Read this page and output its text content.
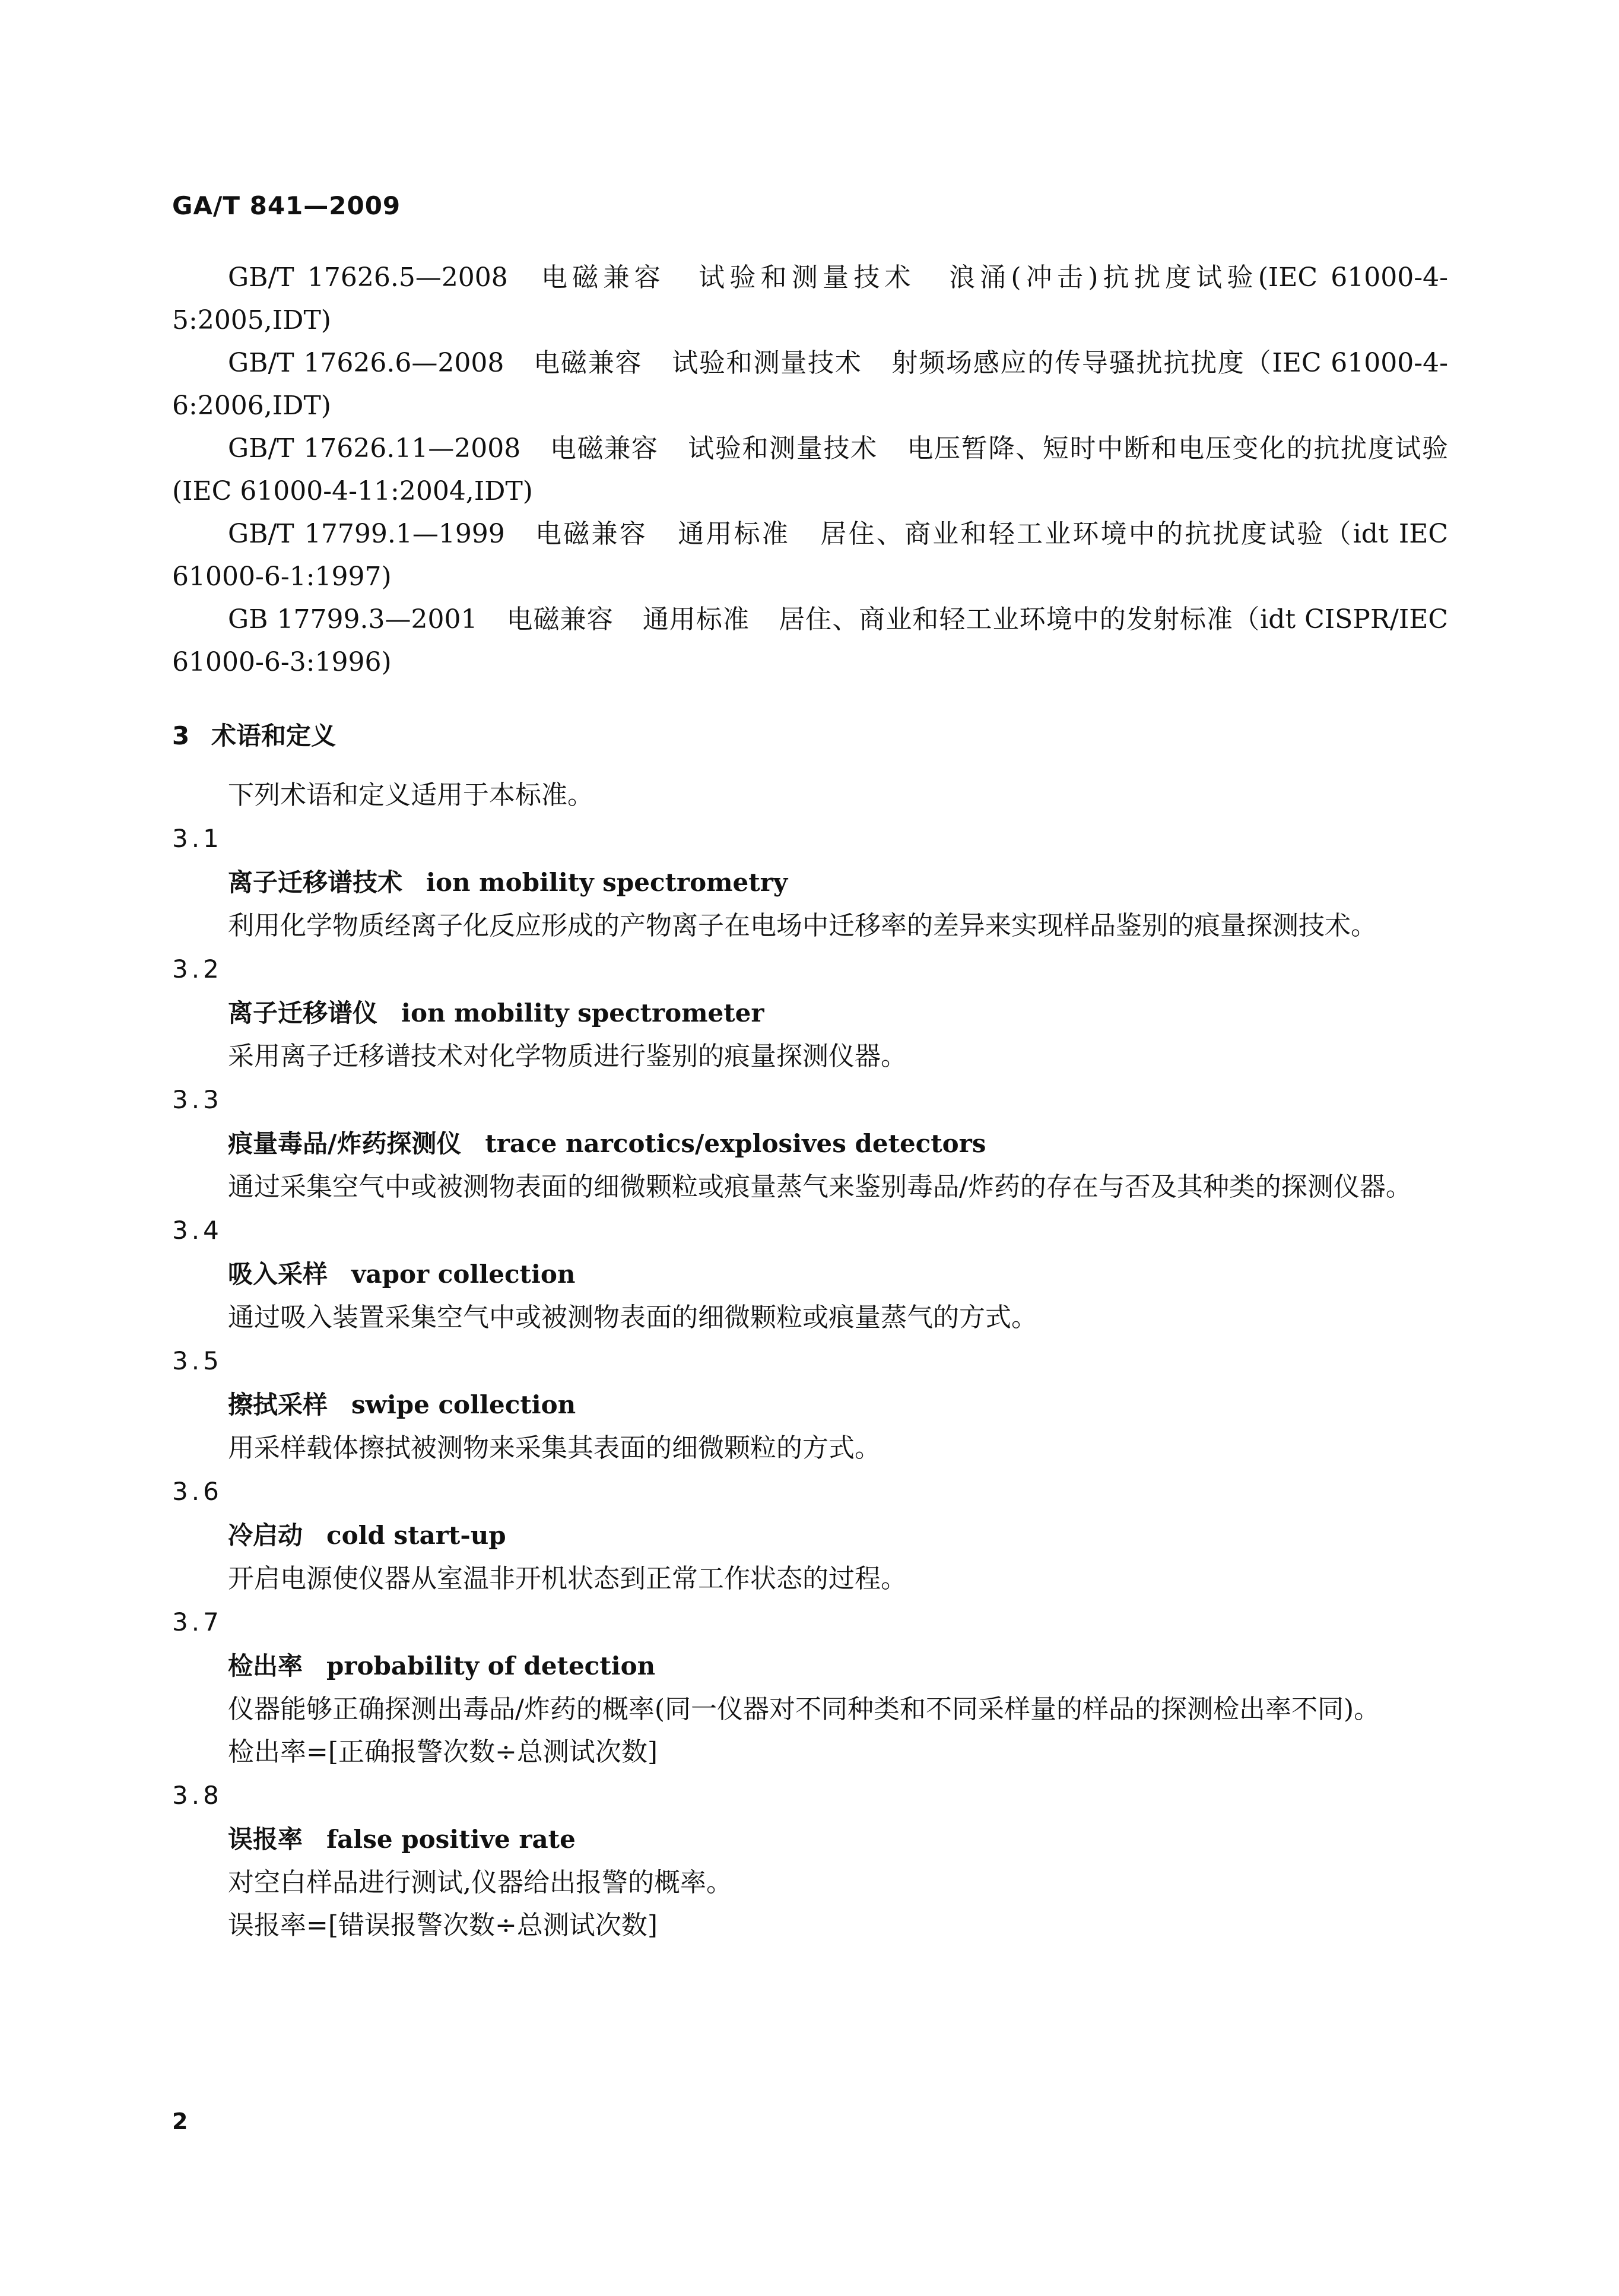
GA/T 841—2009

GB/T 17626.5—2008 电磁兼容 试验和测量技术 浪涌(冲击)抗扰度试验(IEC 61000-4-5:2005,IDT)

GB/T 17626.6—2008 电磁兼容 试验和测量技术 射频场感应的传导骚扰抗扰度（IEC 61000-4-6:2006,IDT)

GB/T 17626.11—2008 电磁兼容 试验和测量技术 电压暂降、短时中断和电压变化的抗扰度试验(IEC 61000-4-11:2004,IDT)

GB/T 17799.1—1999 电磁兼容 通用标准 居住、商业和轻工业环境中的抗扰度试验（idt IEC 61000-6-1:1997)

GB 17799.3—2001 电磁兼容 通用标准 居住、商业和轻工业环境中的发射标准（idt CISPR/IEC 61000-6-3:1996)

3 术语和定义
下列术语和定义适用于本标准。
3.1
离子迁移谱技术 ion mobility spectrometry

利用化学物质经离子化反应形成的产物离子在电场中迁移率的差异来实现样品鉴别的痕量探测技术。

3.2
离子迁移谱仪 ion mobility spectrometer

采用离子迁移谱技术对化学物质进行鉴别的痕量探测仪器。

3.3
痕量毒品/炸药探测仪 trace narcotics/explosives detectors

通过采集空气中或被测物表面的细微颗粒或痕量蒸气来鉴别毒品/炸药的存在与否及其种类的探测仪器。

3.4
吸入采样 vapor collection

通过吸入装置采集空气中或被测物表面的细微颗粒或痕量蒸气的方式。

3.5
擦拭采样 swipe collection

用采样载体擦拭被测物来采集其表面的细微颗粒的方式。

3.6
冷启动 cold start-up

开启电源使仪器从室温非开机状态到正常工作状态的过程。

3.7
检出率 probability of detection

仪器能够正确探测出毒品/炸药的概率(同一仪器对不同种类和不同采样量的样品的探测检出率不同)。

检出率=[正确报警次数÷总测试次数]
3.8
误报率 false positive rate

对空白样品进行测试,仪器给出报警的概率。

误报率=[错误报警次数÷总测试次数]
2
